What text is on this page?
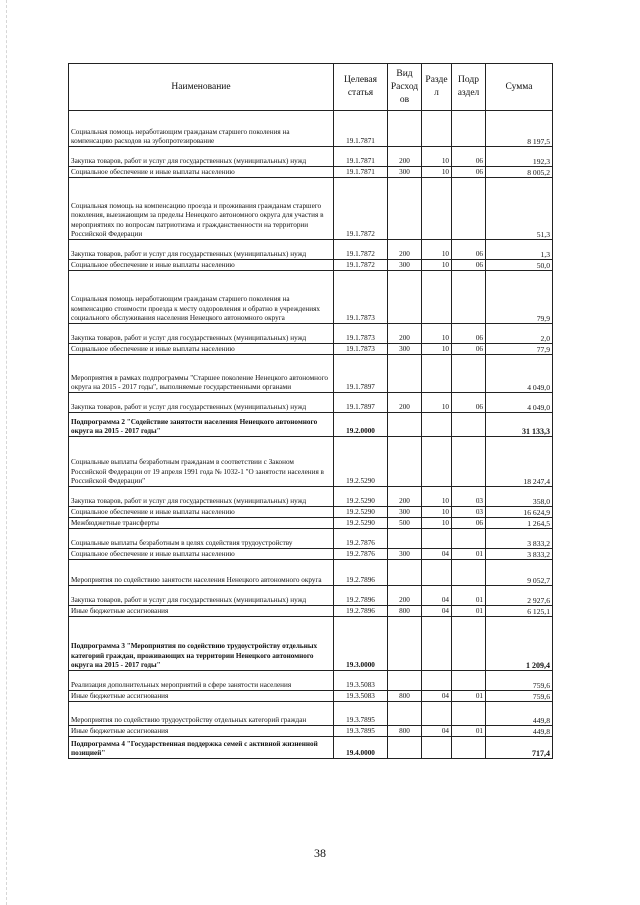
Наименование	Целевая статья	Вид Расход ов	Разде л	Подр аздел	Сумма
Социальная помощь неработающим гражданам старшего поколения на компенсацию расходов на зубопротезирование	19.1.7871				8 197,5
Закупка товаров, работ и услуг для государственных (муниципальных) нужд	19.1.7871	200	10	06	192,3
Социальное обеспечение и иные выплаты населению	19.1.7871	300	10	06	8 005,2
Социальная помощь на компенсацию проезда и проживания гражданам старшего поколения, выезжающим за пределы Ненецкого автономного округа для участия в мероприятиях по вопросам патриотизма и гражданственности на территории Российской Федерации	19.1.7872				51,3
Закупка товаров, работ и услуг для государственных (муниципальных) нужд	19.1.7872	200	10	06	1,3
Социальное обеспечение и иные выплаты населению	19.1.7872	300	10	06	50,0
Социальная помощь неработающим гражданам старшего поколения на компенсацию стоимости проезда к месту оздоровления и обратно в учреждениях социального обслуживания населения Ненецкого автономного округа	19.1.7873				79,9
Закупка товаров, работ и услуг для государственных (муниципальных) нужд	19.1.7873	200	10	06	2,0
Социальное обеспечение и иные выплаты населению	19.1.7873	300	10	06	77,9
Мероприятия в рамках подпрограммы "Старшее поколение Ненецкого автономного округа на 2015 - 2017 годы", выполняемые государственными органами	19.1.7897				4 049,0
Закупка товаров, работ и услуг для государственных (муниципальных) нужд	19.1.7897	200	10	06	4 049,0
Подпрограмма 2 "Содействие занятости населения Ненецкого автономного округа на 2015 - 2017 годы"	19.2.0000				31 133,3
Социальные выплаты безработным гражданам в соответствии с Законом Российской Федерации от 19 апреля 1991 года № 1032-1 "О занятости населения в Российской Федерации"	19.2.5290				18 247,4
Закупка товаров, работ и услуг для государственных (муниципальных) нужд	19.2.5290	200	10	03	358,0
Социальное обеспечение и иные выплаты населению	19.2.5290	300	10	03	16 624,9
Межбюджетные трансферты	19.2.5290	500	10	06	1 264,5
Социальные выплаты безработным в целях содействия трудоустройству	19.2.7876				3 833,2
Социальное обеспечение и иные выплаты населению	19.2.7876	300	04	01	3 833,2
Мероприятия по содействию занятости населения Ненецкого автономного округа	19.2.7896				9 052,7
Закупка товаров, работ и услуг для государственных (муниципальных) нужд	19.2.7896	200	04	01	2 927,6
Иные бюджетные ассигнования	19.2.7896	800	04	01	6 125,1
Подпрограмма 3 "Мероприятия по содействию трудоустройству отдельных категорий граждан, проживающих на территории Ненецкого автономного округа на 2015 - 2017 годы"	19.3.0000				1 209,4
Реализация дополнительных мероприятий в сфере занятости населения	19.3.5083				759,6
Иные бюджетные ассигнования	19.3.5083	800	04	01	759,6
Мероприятия по содействию трудоустройству отдельных категорий граждан	19.3.7895				449,8
Иные бюджетные ассигнования	19.3.7895	800	04	01	449,8
Подпрограмма 4 "Государственная поддержка семей с активной жизненной позицией"	19.4.0000				717,4
38
